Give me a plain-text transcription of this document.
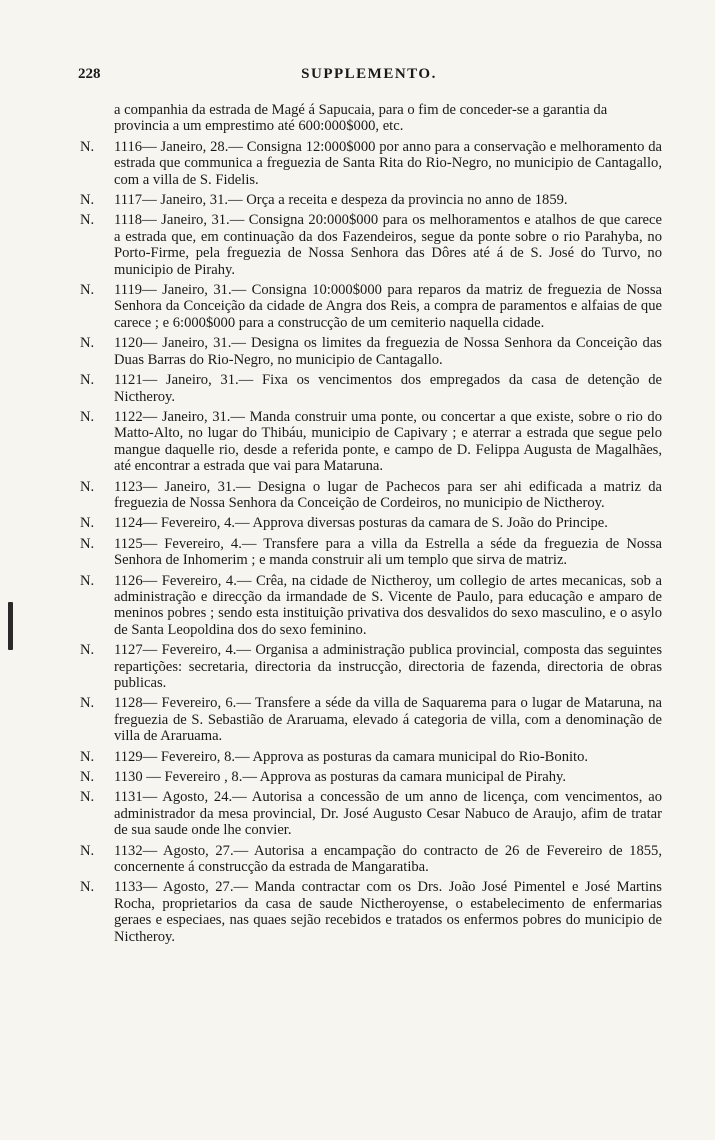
228	SUPPLEMENTO.
a companhia da estrada de Magé á Sapucaia, para o fim de conceder-se a garantia da provincia a um emprestimo até 600:000$000, etc.
N.	1116— Janeiro, 28.— Consigna 12:000$000 por anno para a conservação e melhoramento da estrada que communica a freguezia de Santa Rita do Rio-Negro, no municipio de Cantagallo, com a villa de S. Fidelis.
N.	1117— Janeiro, 31.— Orça a receita e despeza da provincia no anno de 1859.
N.	1118— Janeiro, 31.— Consigna 20:000$000 para os melhoramentos e atalhos de que carece a estrada que, em continuação da dos Fazendeiros, segue da ponte sobre o rio Parahyba, no Porto-Firme, pela freguezia de Nossa Senhora das Dôres até á de S. José do Turvo, no municipio de Pirahy.
N.	1119— Janeiro, 31.— Consigna 10:000$000 para reparos da matriz de freguezia de Nossa Senhora da Conceição da cidade de Angra dos Reis, a compra de paramentos e alfaias de que carece ; e 6:000$000 para a construcção de um cemiterio naquella cidade.
N.	1120— Janeiro, 31.— Designa os limites da freguezia de Nossa Senhora da Conceição das Duas Barras do Rio-Negro, no municipio de Cantagallo.
N.	1121— Janeiro, 31.— Fixa os vencimentos dos empregados da casa de detenção de Nictheroy.
N.	1122— Janeiro, 31.— Manda construir uma ponte, ou concertar a que existe, sobre o rio do Matto-Alto, no lugar do Thibáu, municipio de Capivary ; e aterrar a estrada que segue pelo mangue daquelle rio, desde a referida ponte, e campo de D. Felippa Augusta de Magalhães, até encontrar a estrada que vai para Mataruna.
N.	1123— Janeiro, 31.— Designa o lugar de Pachecos para ser ahi edificada a matriz da freguezia de Nossa Senhora da Conceição de Cordeiros, no municipio de Nictheroy.
N.	1124— Fevereiro, 4.— Approva diversas posturas da camara de S. João do Principe.
N.	1125— Fevereiro, 4.— Transfere para a villa da Estrella a séde da freguezia de Nossa Senhora de Inhomerim ; e manda construir ali um templo que sirva de matriz.
N.	1126— Fevereiro, 4.— Crêa, na cidade de Nictheroy, um collegio de artes mecanicas, sob a administração e direcção da irmandade de S. Vicente de Paulo, para educação e amparo de meninos pobres ; sendo esta instituição privativa dos desvalidos do sexo masculino, e o asylo de Santa Leopoldina dos do sexo feminino.
N.	1127— Fevereiro, 4.— Organisa a administração publica provincial, composta das seguintes repartições: secretaria, directoria da instrucção, directoria de fazenda, directoria de obras publicas.
N.	1128— Fevereiro, 6.— Transfere a séde da villa de Saquarema para o lugar de Mataruna, na freguezia de S. Sebastião de Araruama, elevado á categoria de villa, com a denominação de villa de Araruama.
N.	1129— Fevereiro, 8.— Approva as posturas da camara municipal do Rio-Bonito.
N.	1130 — Fevereiro , 8.— Approva as posturas da camara municipal de Pirahy.
N.	1131— Agosto, 24.— Autorisa a concessão de um anno de licença, com vencimentos, ao administrador da mesa provincial, Dr. José Augusto Cesar Nabuco de Araujo, afim de tratar de sua saude onde lhe convier.
N.	1132— Agosto, 27.— Autorisa a encampação do contracto de 26 de Fevereiro de 1855, concernente á construcção da estrada de Mangaratiba.
N.	1133— Agosto, 27.— Manda contractar com os Drs. João José Pimentel e José Martins Rocha, proprietarios da casa de saude Nictheroyense, o estabelecimento de enfermarias geraes e especiaes, nas quaes sejão recebidos e tratados os enfermos pobres do municipio de Nictheroy.
